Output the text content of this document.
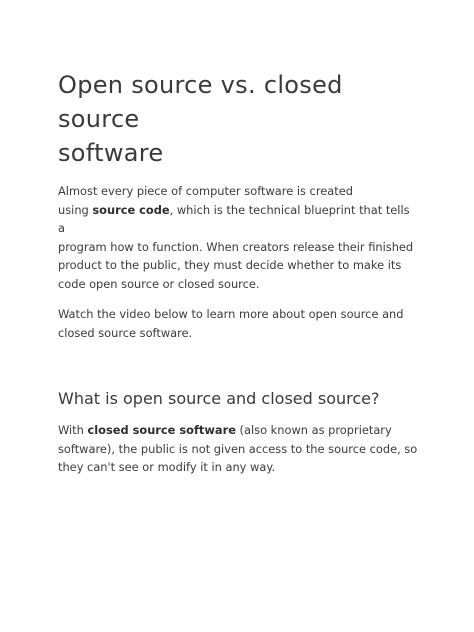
Open source vs. closed source
software

Almost every piece of computer software is created
using source code, which is the technical blueprint that tells a
program how to function. When creators release their finished
product to the public, they must decide whether to make its
code open source or closed source.

Watch the video below to learn more about open source and
closed source software.

What is open source and closed source?

With closed source software (also known as proprietary
software), the public is not given access to the source code, so
they can't see or modify it in any way.
